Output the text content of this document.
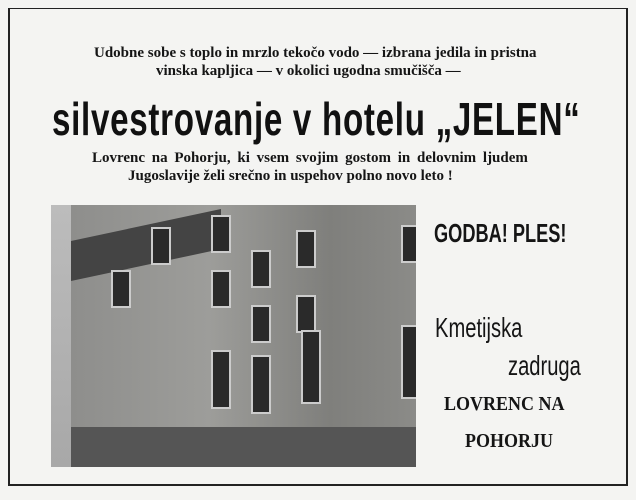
Udobne sobe s toplo in mrzlo tekočo vodo — izbrana jedila in pristna
vinska kapljica — v okolici ugodna smučišča —
silvestrovanje v hotelu „JELEN“
Lovrenc na Pohorju, ki vsem svojim gostom in delovnim ljudem
Jugoslavije želi srečno in uspehov polno novo leto !
GODBA! PLES!
Kmetijska
zadruga
LOVRENC NA
POHORJU
